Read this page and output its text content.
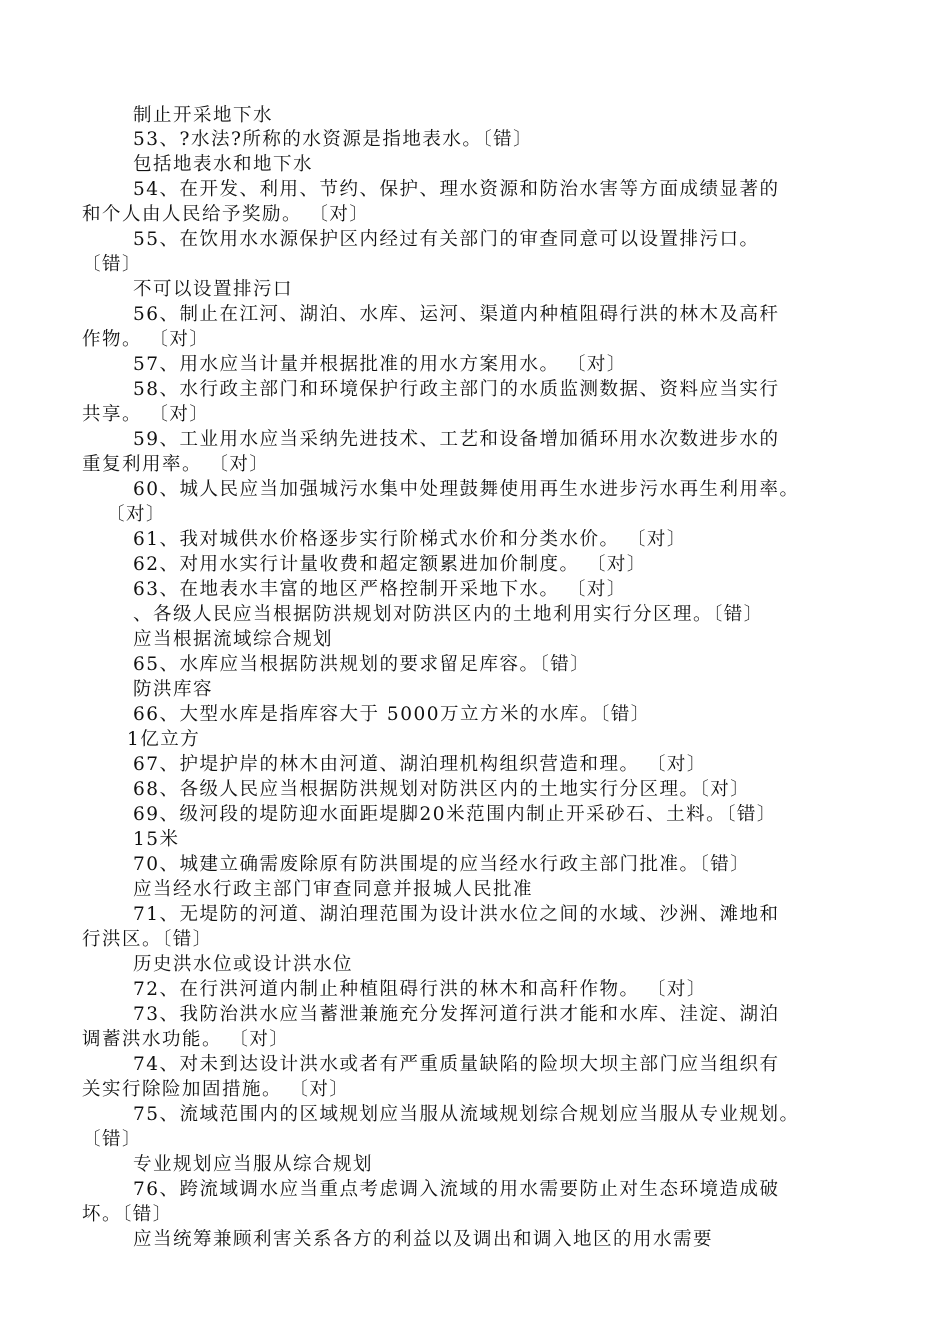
制止开采地下水
53、?水法?所称的水资源是指地表水。〔错〕
包括地表水和地下水
54、在开发、利用、节约、保护、理水资源和防治水害等方面成绩显著的
和个人由人民给予奖励。 〔对〕
55、在饮用水水源保护区内经过有关部门的审查同意可以设置排污口。
〔错〕
不可以设置排污口
56、制止在江河、湖泊、水库、运河、渠道内种植阻碍行洪的林木及高秆
作物。 〔对〕
57、用水应当计量并根据批准的用水方案用水。 〔对〕
58、水行政主部门和环境保护行政主部门的水质监测数据、资料应当实行
共享。 〔对〕
59、工业用水应当采纳先进技术、工艺和设备增加循环用水次数进步水的
重复利用率。 〔对〕
60、城人民应当加强城污水集中处理鼓舞使用再生水进步污水再生利用率。
〔对〕
61、我对城供水价格逐步实行阶梯式水价和分类水价。 〔对〕
62、对用水实行计量收费和超定额累进加价制度。 〔对〕
63、在地表水丰富的地区严格控制开采地下水。 〔对〕
、各级人民应当根据防洪规划对防洪区内的土地利用实行分区理。〔错〕
应当根据流域综合规划
65、水库应当根据防洪规划的要求留足库容。〔错〕
防洪库容
66、大型水库是指库容大于 5000万立方米的水库。〔错〕
1亿立方
67、护堤护岸的林木由河道、湖泊理机构组织营造和理。 〔对〕
68、各级人民应当根据防洪规划对防洪区内的土地实行分区理。〔对〕
69、级河段的堤防迎水面距堤脚20米范围内制止开采砂石、土料。〔错〕
15米
70、城建立确需废除原有防洪围堤的应当经水行政主部门批准。〔错〕
应当经水行政主部门审查同意并报城人民批准
71、无堤防的河道、湖泊理范围为设计洪水位之间的水域、沙洲、滩地和
行洪区。〔错〕
历史洪水位或设计洪水位
72、在行洪河道内制止种植阻碍行洪的林木和高秆作物。 〔对〕
73、我防治洪水应当蓄泄兼施充分发挥河道行洪才能和水库、洼淀、湖泊
调蓄洪水功能。 〔对〕
74、对未到达设计洪水或者有严重质量缺陷的险坝大坝主部门应当组织有
关实行除险加固措施。 〔对〕
75、流域范围内的区域规划应当服从流域规划综合规划应当服从专业规划。
〔错〕
专业规划应当服从综合规划
76、跨流域调水应当重点考虑调入流域的用水需要防止对生态环境造成破
坏。〔错〕
应当统筹兼顾利害关系各方的利益以及调出和调入地区的用水需要
